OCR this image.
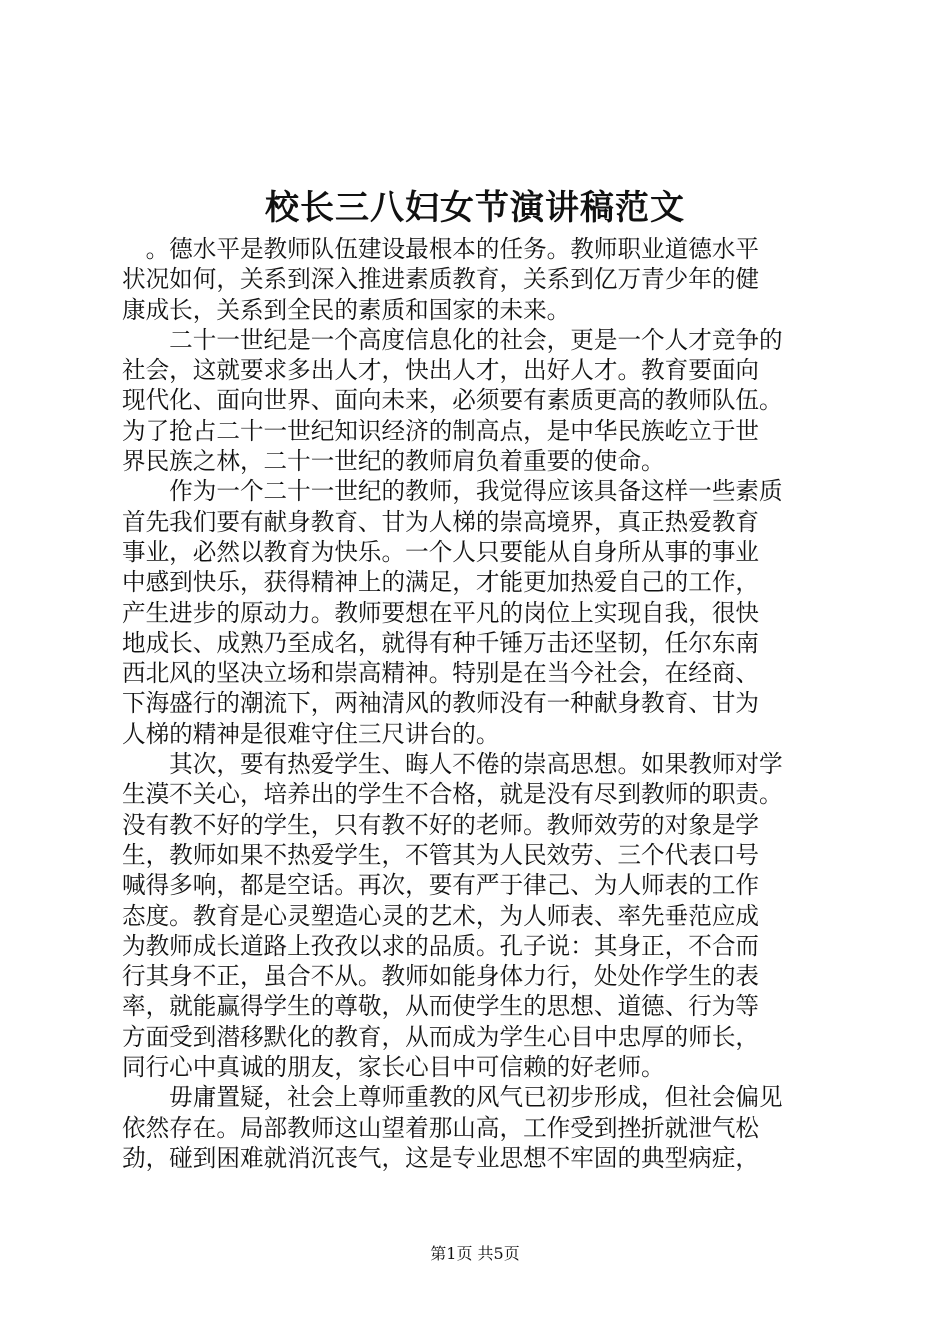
校长三八妇女节演讲稿范文
　。德水平是教师队伍建设最根本的任务。教师职业道德水平
状况如何，关系到深入推进素质教育，关系到亿万青少年的健
康成长，关系到全民的素质和国家的未来。
　　二十一世纪是一个高度信息化的社会，更是一个人才竞争的
社会，这就要求多出人才，快出人才，出好人才。教育要面向
现代化、面向世界、面向未来，必须要有素质更高的教师队伍。
为了抢占二十一世纪知识经济的制高点，是中华民族屹立于世
界民族之林，二十一世纪的教师肩负着重要的使命。
　　作为一个二十一世纪的教师，我觉得应该具备这样一些素质
首先我们要有献身教育、甘为人梯的崇高境界，真正热爱教育
事业，必然以教育为快乐。一个人只要能从自身所从事的事业
中感到快乐，获得精神上的满足，才能更加热爱自己的工作，
产生进步的原动力。教师要想在平凡的岗位上实现自我，很快
地成长、成熟乃至成名，就得有种千锤万击还坚韧，任尔东南
西北风的坚决立场和崇高精神。特别是在当今社会，在经商、
下海盛行的潮流下，两袖清风的教师没有一种献身教育、甘为
人梯的精神是很难守住三尺讲台的。
　　其次，要有热爱学生、晦人不倦的崇高思想。如果教师对学
生漠不关心，培养出的学生不合格，就是没有尽到教师的职责。
没有教不好的学生，只有教不好的老师。教师效劳的对象是学
生，教师如果不热爱学生，不管其为人民效劳、三个代表口号
喊得多响，都是空话。再次，要有严于律己、为人师表的工作
态度。教育是心灵塑造心灵的艺术，为人师表、率先垂范应成
为教师成长道路上孜孜以求的品质。孔子说：其身正，不合而
行其身不正，虽合不从。教师如能身体力行，处处作学生的表
率，就能赢得学生的尊敬，从而使学生的思想、道德、行为等
方面受到潜移默化的教育，从而成为学生心目中忠厚的师长，
同行心中真诚的朋友，家长心目中可信赖的好老师。
　　毋庸置疑，社会上尊师重教的风气已初步形成，但社会偏见
依然存在。局部教师这山望着那山高，工作受到挫折就泄气松
劲，碰到困难就消沉丧气，这是专业思想不牢固的典型病症，
第1页 共5页
